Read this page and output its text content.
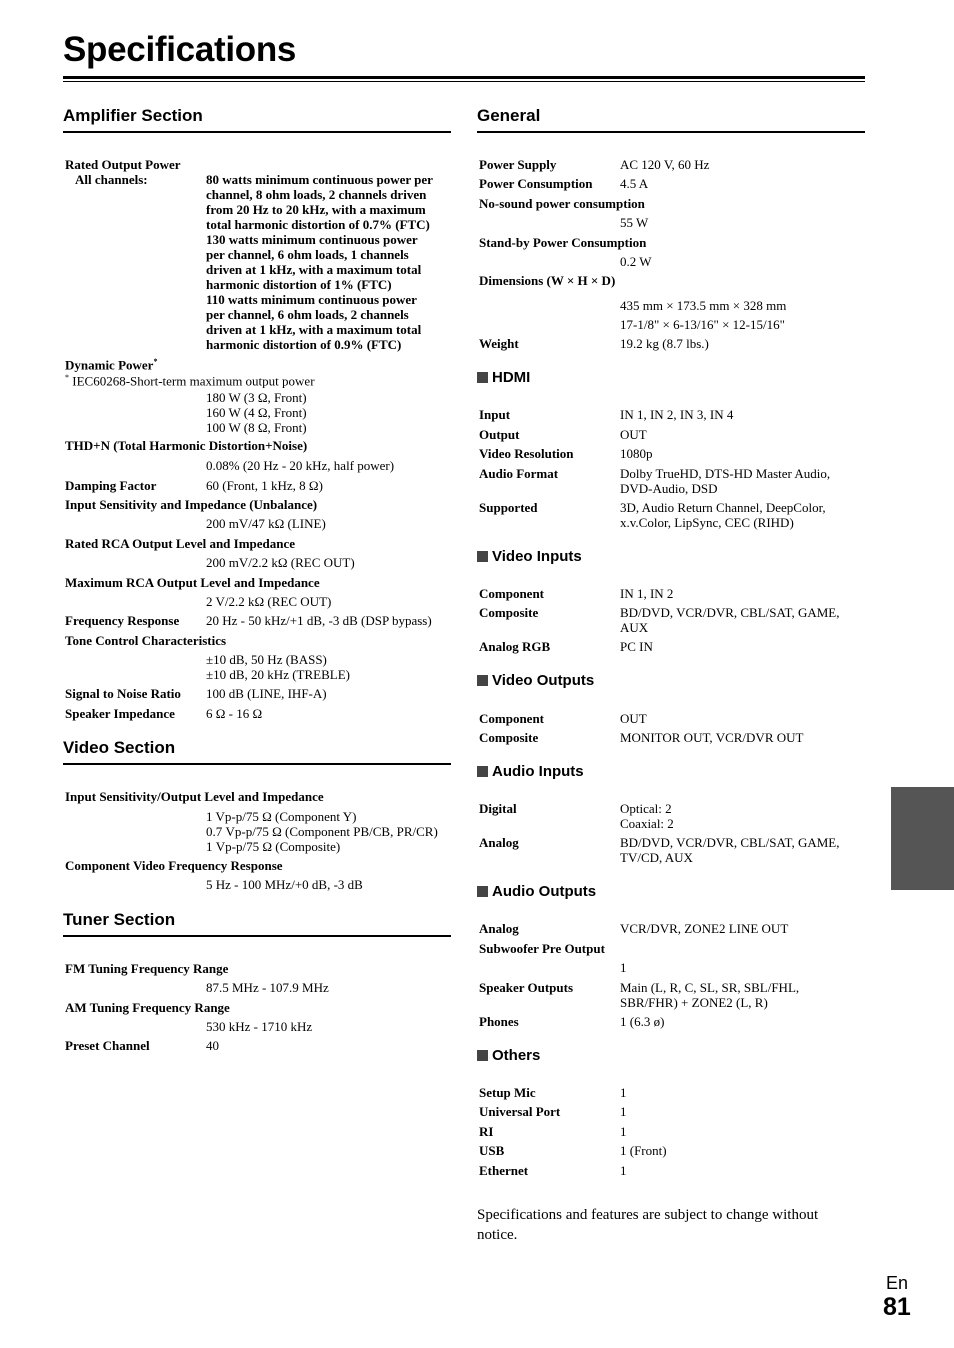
Specifications
Amplifier Section
Rated Output Power
All channels:	80 watts minimum continuous power per
channel, 8 ohm loads, 2 channels driven
from 20 Hz to 20 kHz, with a maximum
total harmonic distortion of 0.7% (FTC)
130 watts minimum continuous power
per channel, 6 ohm loads, 1 channels
driven at 1 kHz, with a maximum total
harmonic distortion of 1% (FTC)
110 watts minimum continuous power
per channel, 6 ohm loads, 2 channels
driven at 1 kHz, with a maximum total
harmonic distortion of 0.9% (FTC)
Dynamic Power*
* IEC60268-Short-term maximum output power
180 W (3 Ω, Front)
160 W (4 Ω, Front)
100 W (8 Ω, Front)
THD+N (Total Harmonic Distortion+Noise)
0.08% (20 Hz - 20 kHz, half power)
Damping Factor	60 (Front, 1 kHz, 8 Ω)
Input Sensitivity and Impedance (Unbalance)
200 mV/47 kΩ (LINE)
Rated RCA Output Level and Impedance
200 mV/2.2 kΩ (REC OUT)
Maximum RCA Output Level and Impedance
2 V/2.2 kΩ (REC OUT)
Frequency Response 20 Hz - 50 kHz/+1 dB, -3 dB (DSP bypass)
Tone Control Characteristics
±10 dB, 50 Hz (BASS)
±10 dB, 20 kHz (TREBLE)
Signal to Noise Ratio 100 dB (LINE, IHF-A)
Speaker Impedance 6 Ω - 16 Ω
Video Section
Input Sensitivity/Output Level and Impedance
1 Vp-p/75 Ω (Component Y)
0.7 Vp-p/75 Ω (Component PB/CB, PR/CR)
1 Vp-p/75 Ω (Composite)
Component Video Frequency Response
5 Hz - 100 MHz/+0 dB, -3 dB
Tuner Section
FM Tuning Frequency Range
87.5 MHz - 107.9 MHz
AM Tuning Frequency Range
530 kHz - 1710 kHz
Preset Channel	40
General
Power Supply	AC 120 V, 60 Hz
Power Consumption 4.5 A
No-sound power consumption
55 W
Stand-by Power Consumption
0.2 W
Dimensions (W × H × D)
435 mm × 173.5 mm × 328 mm
17-1/8" × 6-13/16" × 12-15/16"
Weight	19.2 kg (8.7 lbs.)
HDMI
Input	IN 1, IN 2, IN 3, IN 4
Output	OUT
Video Resolution	1080p
Audio Format	Dolby TrueHD, DTS-HD Master Audio,
DVD-Audio, DSD
Supported	3D, Audio Return Channel, DeepColor,
x.v.Color, LipSync, CEC (RIHD)
Video Inputs
Component	IN 1, IN 2
Composite	BD/DVD, VCR/DVR, CBL/SAT, GAME,
AUX
Analog RGB	PC IN
Video Outputs
Component	OUT
Composite	MONITOR OUT, VCR/DVR OUT
Audio Inputs
Digital	Optical: 2
Coaxial: 2
Analog	BD/DVD, VCR/DVR, CBL/SAT, GAME,
TV/CD, AUX
Audio Outputs
Analog	VCR/DVR, ZONE2 LINE OUT
Subwoofer Pre Output
1
Speaker Outputs	Main (L, R, C, SL, SR, SBL/FHL,
SBR/FHR) + ZONE2 (L, R)
Phones	1 (6.3 ø)
Others
Setup Mic	1
Universal Port	1
RI	1
USB	1 (Front)
Ethernet	1
Specifications and features are subject to change without notice.
En
81
